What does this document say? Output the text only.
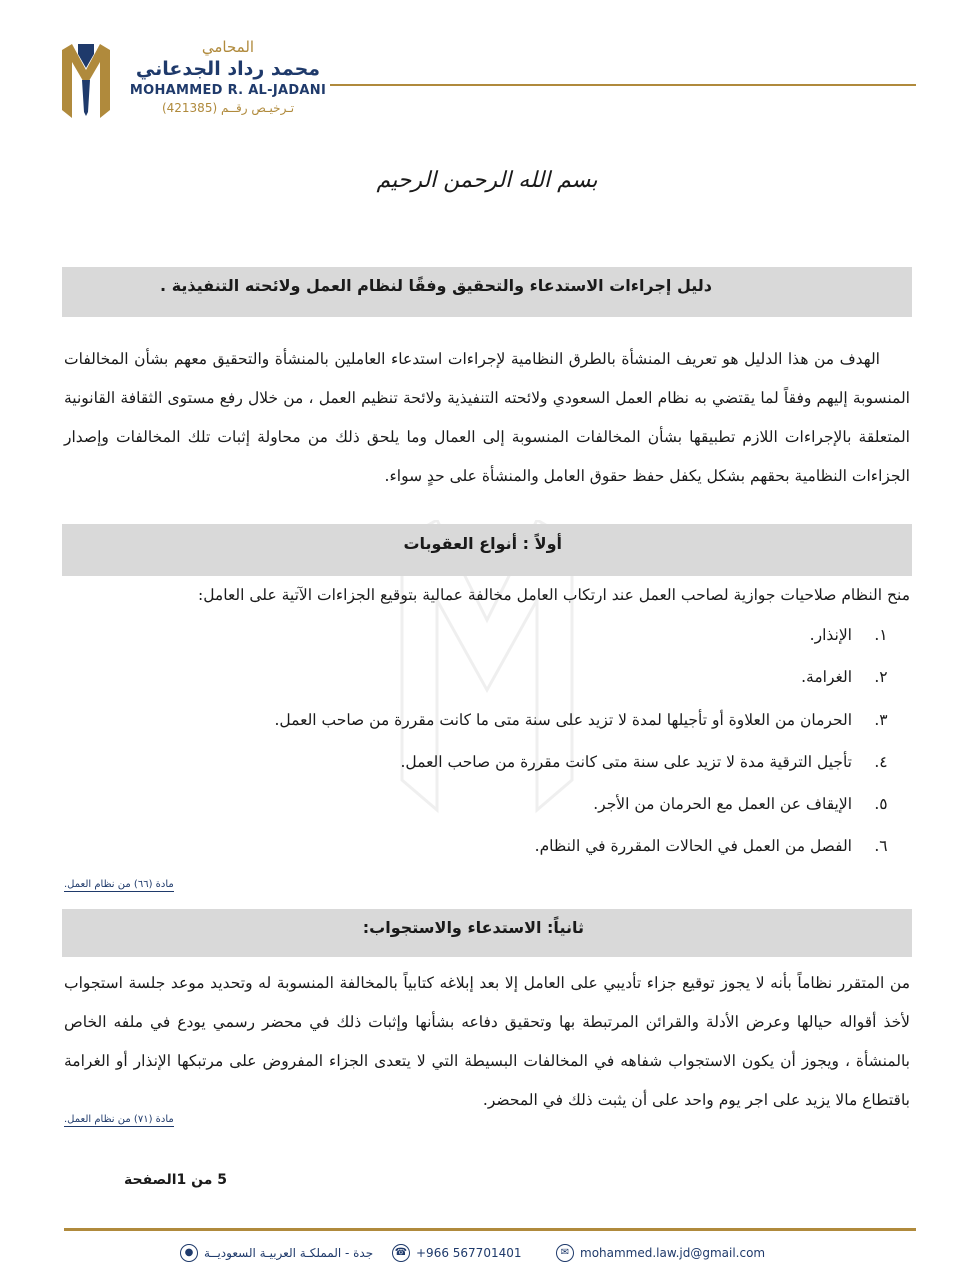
المحامي
محمد رداد الجدعاني
MOHAMMED R. AL-JADANI
تـرخيـص رقــم (421385)
بسم الله الرحمن الرحيم
دليل إجراءات الاستدعاء والتحقيق وفقًا لنظام العمل ولائحته التنفيذية .
الهدف من هذا الدليل هو تعريف المنشأة بالطرق النظامية لإجراءات استدعاء العاملين بالمنشأة والتحقيق معهم بشأن المخالفات المنسوبة إليهم وفقاً لما يقتضي به نظام العمل السعودي ولائحته التنفيذية ولائحة تنظيم العمل ، من خلال رفع مستوى الثقافة القانونية المتعلقة بالإجراءات اللازم تطبيقها بشأن المخالفات المنسوبة إلى العمال وما يلحق ذلك من محاولة إثبات تلك المخالفات وإصدار الجزاءات النظامية بحقهم بشكل يكفل حفظ حقوق العامل والمنشأة على حدٍ سواء.
أولاً : أنواع العقوبات
منح النظام صلاحيات جوازية لصاحب العمل عند ارتكاب العامل مخالفة عمالية بتوقيع الجزاءات الآتية على العامل:
١.
الإنذار.
٢.
الغرامة.
٣.
الحرمان من العلاوة أو تأجيلها لمدة لا تزيد على سنة متى ما كانت مقررة من صاحب العمل.
٤.
تأجيل الترقية مدة لا تزيد على سنة متى كانت مقررة من صاحب العمل.
٥.
الإيقاف عن العمل مع الحرمان من الأجر.
٦.
الفصل من العمل في الحالات المقررة في النظام.
مادة (٦٦) من نظام العمل.
ثانياً: الاستدعاء والاستجواب:
من المتقرر نظاماً بأنه لا يجوز توقيع جزاء تأديبي على العامل إلا بعد إبلاغه كتابياً بالمخالفة المنسوبة له وتحديد موعد جلسة استجواب لأخذ أقواله حيالها وعرض الأدلة والقرائن المرتبطة بها وتحقيق دفاعه بشأنها وإثبات ذلك في محضر رسمي يودع في ملفه الخاص بالمنشأة ، ويجوز أن يكون الاستجواب شفاهه في المخالفات البسيطة التي لا يتعدى الجزاء المفروض على مرتبكها الإنذار أو الغرامة باقتطاع مالا يزيد على اجر يوم واحد على أن يثبت ذلك في المحضر.
مادة (٧١) من نظام العمل.
5 من 1الصفحة
● جدة - المملكـة العربيـة السعوديــة ☎ +966 567701401	✉ mohammed.law.jd@gmail.com
